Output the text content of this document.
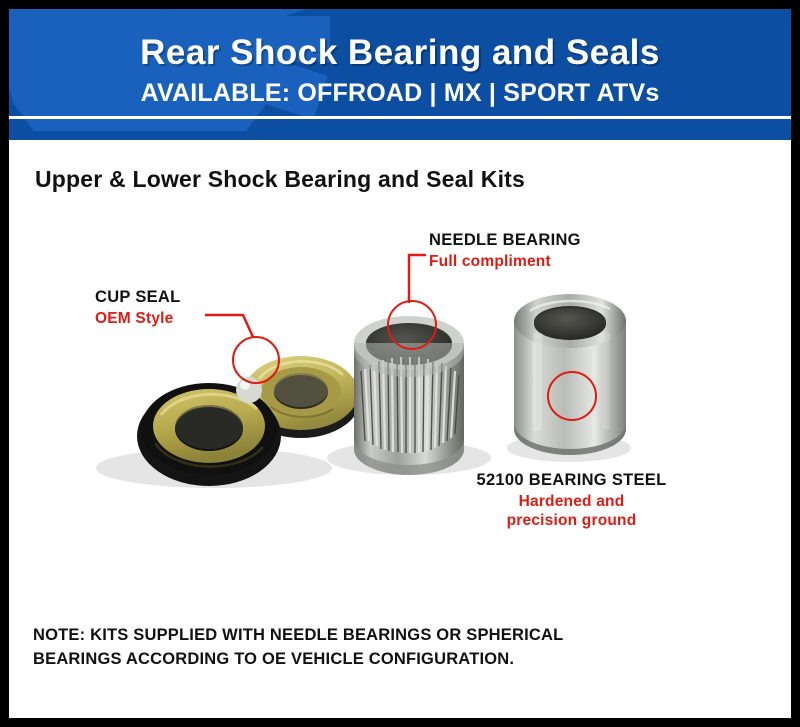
Rear Shock Bearing and Seals
AVAILABLE: OFFROAD | MX | SPORT ATVs
Upper & Lower Shock Bearing and Seal Kits
CUP SEAL
OEM Style
NEEDLE BEARING
Full compliment
52100 BEARING STEEL
Hardened and
precision ground
NOTE: KITS SUPPLIED WITH NEEDLE BEARINGS OR SPHERICAL
BEARINGS ACCORDING TO OE VEHICLE CONFIGURATION.
